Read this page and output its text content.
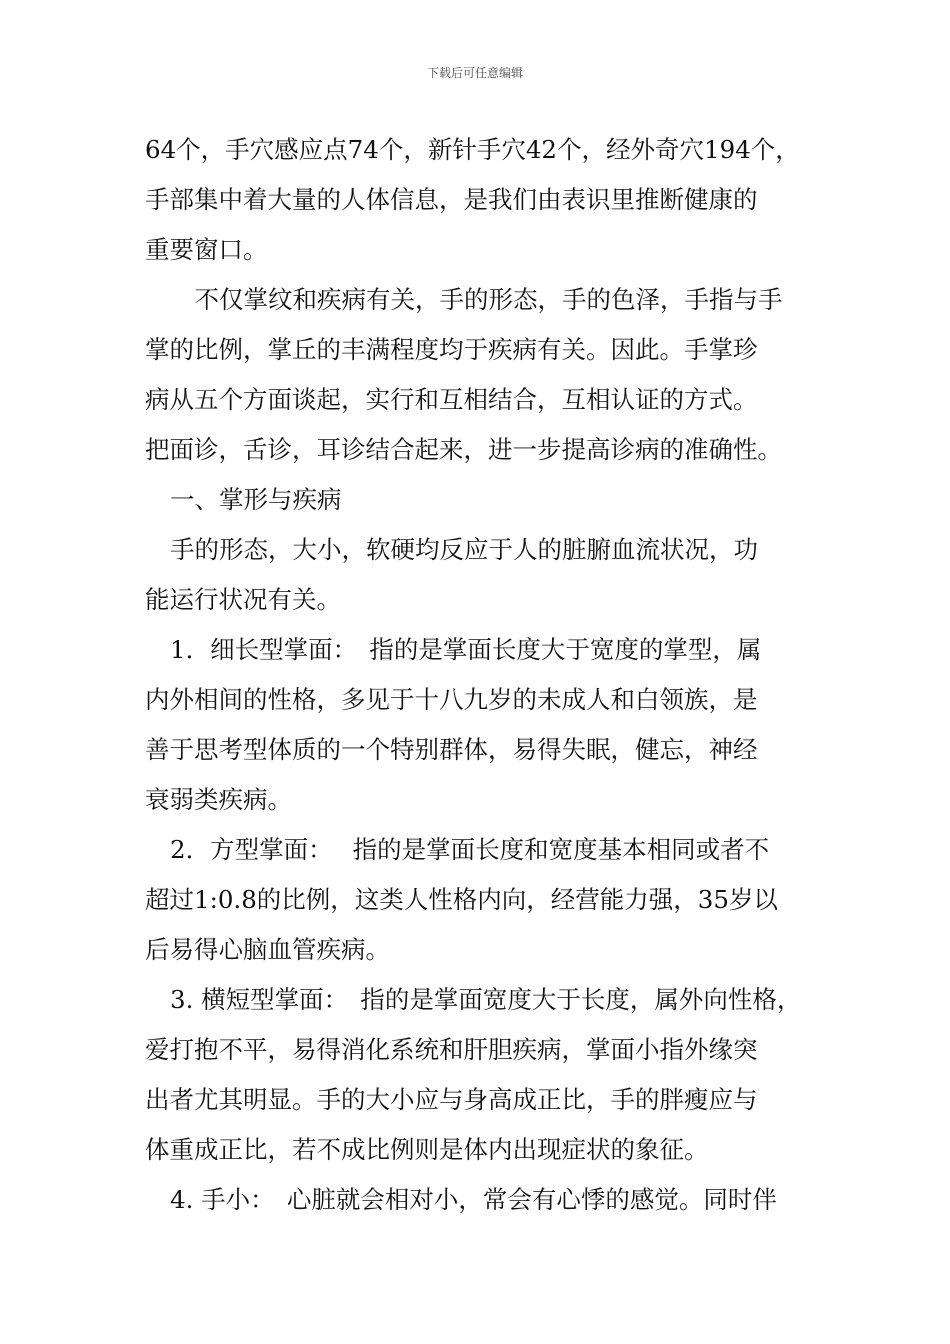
下载后可任意编辑
64个，手穴感应点74个，新针手穴42个，经外奇穴194个，
手部集中着大量的人体信息，是我们由表识里推断健康的
重要窗口。
　不仅掌纹和疾病有关，手的形态，手的色泽，手指与手
掌的比例，掌丘的丰满程度均于疾病有关。因此。手掌珍
病从五个方面谈起，实行和互相结合，互相认证的方式。
把面诊，舌诊，耳诊结合起来，进一步提高诊病的准确性。
一、掌形与疾病
手的形态，大小，软硬均反应于人的脏腑血流状况，功
能运行状况有关。
1．细长型掌面：　指的是掌面长度大于宽度的掌型，属
内外相间的性格，多见于十八九岁的未成人和白领族，是
善于思考型体质的一个特别群体，易得失眠，健忘，神经
衰弱类疾病。
2．方型掌面：　 指的是掌面长度和宽度基本相同或者不
超过1:0.8的比例，这类人性格内向，经营能力强，35岁以
后易得心脑血管疾病。
3. 横短型掌面：　指的是掌面宽度大于长度，属外向性格，
爱打抱不平，易得消化系统和肝胆疾病，掌面小指外缘突
出者尤其明显。手的大小应与身高成正比，手的胖瘦应与
体重成正比，若不成比例则是体内出现症状的象征。
4. 手小：　心脏就会相对小，常会有心悸的感觉。同时伴
